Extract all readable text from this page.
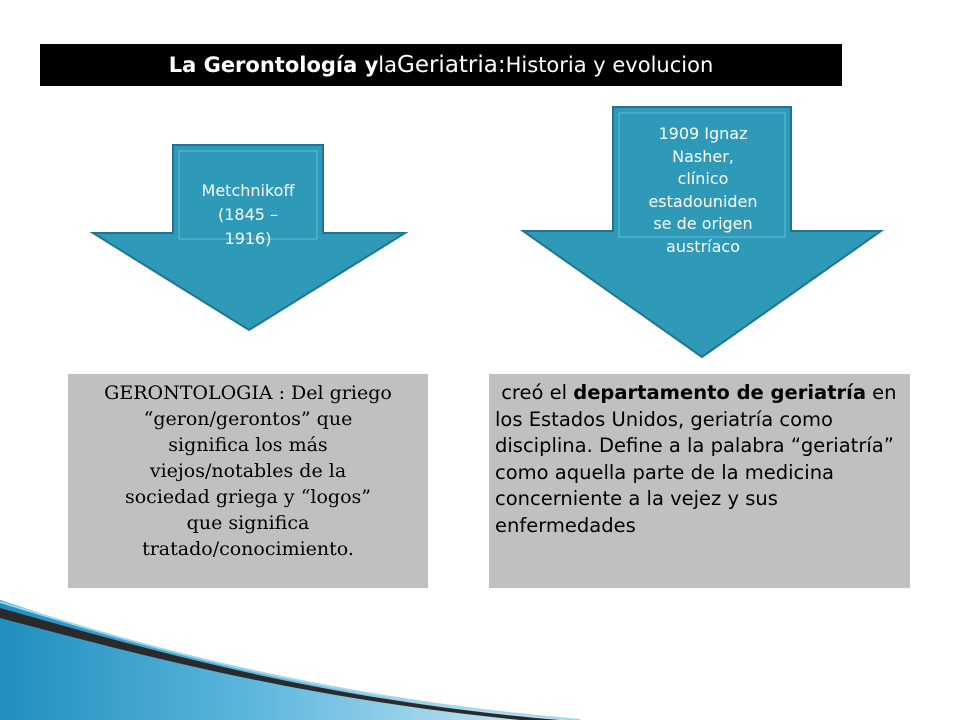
La Gerontología y la Geriatria: Historia y evolucion
Metchnikoff
(1845 –
1916)
1909 Ignaz
Nasher,
clínico
estadouniden
se de origen
austríaco
GERONTOLOGIA : Del griego
“geron/gerontos” que
significa los más
viejos/notables de la
sociedad griega y “logos”
que significa
tratado/conocimiento.
creó el departamento de geriatría en los Estados Unidos, geriatría como disciplina. Define a la palabra “geriatría”
como aquella parte de la medicina concerniente a la vejez y sus enfermedades
